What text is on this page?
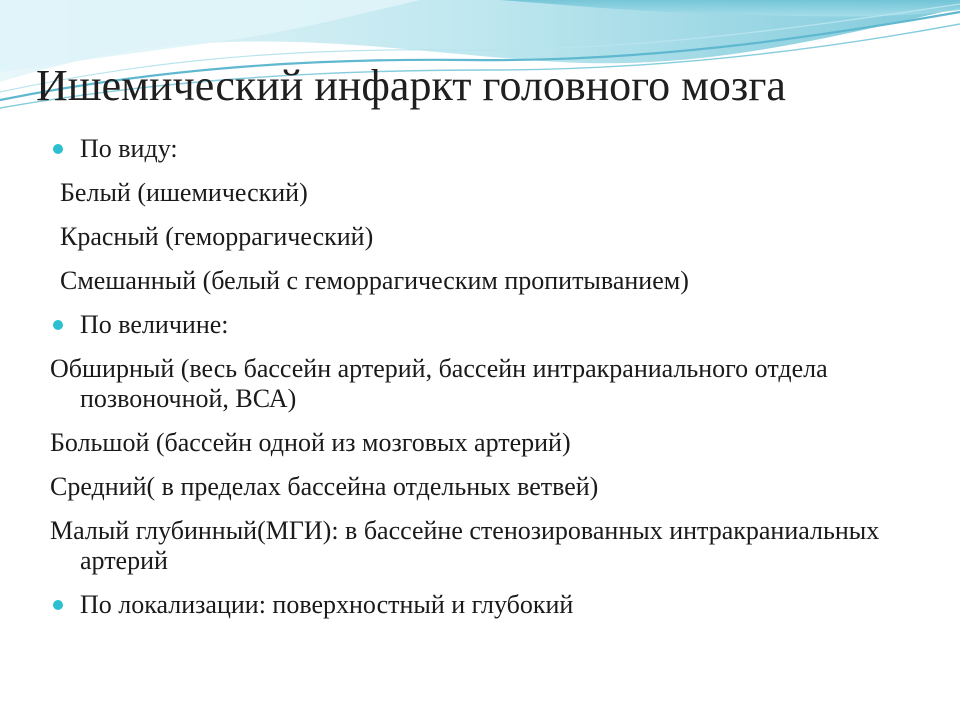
Ишемический инфаркт головного мозга
По виду:
Белый (ишемический)
Красный (геморрагический)
Смешанный (белый с геморрагическим пропитыванием)
По величине:
Обширный (весь бассейн артерий, бассейн интракраниального отдела позвоночной, ВСА)
Большой (бассейн одной из мозговых артерий)
Средний( в пределах бассейна отдельных ветвей)
Малый глубинный(МГИ): в бассейне стенозированных интракраниальных артерий
По локализации: поверхностный и глубокий
